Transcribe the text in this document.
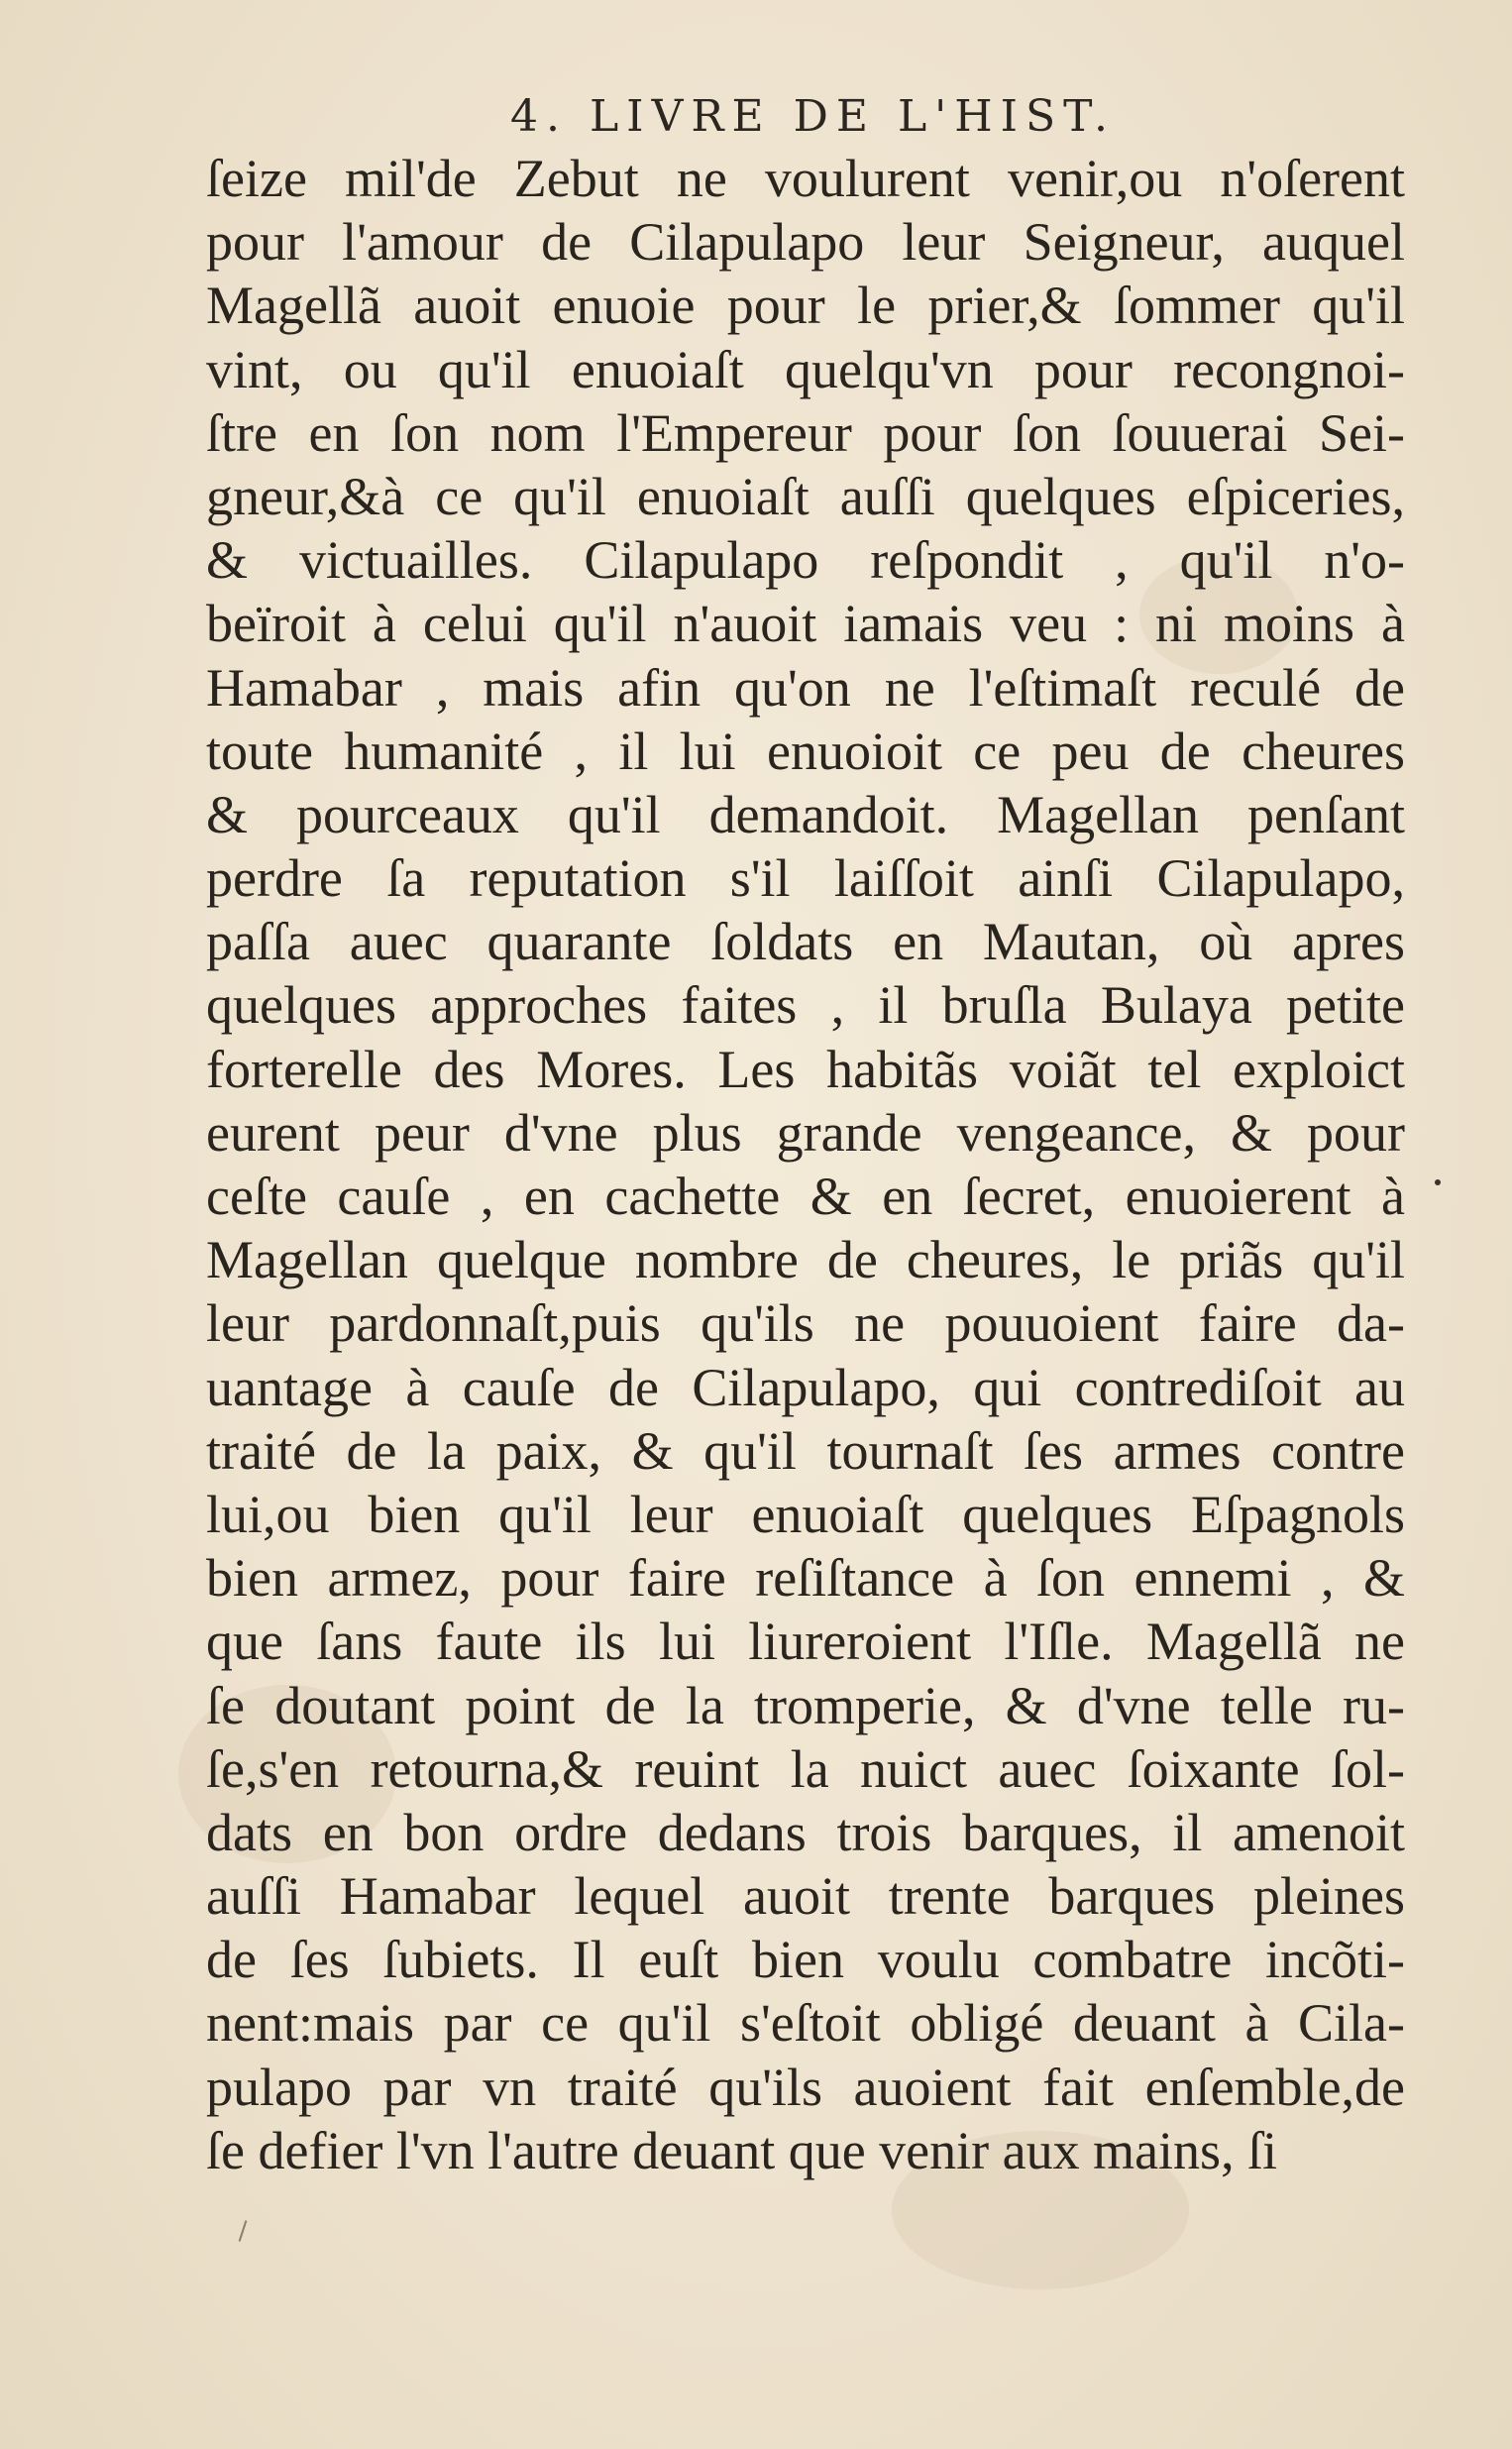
4. LIVRE DE L'HIST.
ſeize mil'de Zebut ne voulurent venir,ou n'oſerent
pour l'amour de Cilapulapo leur Seigneur, auquel
Magellã auoit enuoie pour le prier,& ſommer qu'il
vint, ou qu'il enuoiaſt quelqu'vn pour recongnoi-
ſtre en ſon nom l'Empereur pour ſon ſouuerai Sei-
gneur,&à ce qu'il enuoiaſt auſſi quelques eſpiceries,
& victuailles. Cilapulapo reſpondit , qu'il n'o-
beïroit à celui qu'il n'auoit iamais veu : ni moins à
Hamabar , mais afin qu'on ne l'eſtimaſt reculé de
toute humanité , il lui enuoioit ce peu de cheures
& pourceaux qu'il demandoit. Magellan penſant
perdre ſa reputation s'il laiſſoit ainſi Cilapulapo,
paſſa auec quarante ſoldats en Mautan, où apres
quelques approches faites , il bruſla Bulaya petite
forterelle des Mores. Les habitãs voiãt tel exploict
eurent peur d'vne plus grande vengeance, & pour
ceſte cauſe , en cachette & en ſecret, enuoierent à
Magellan quelque nombre de cheures, le priãs qu'il
leur pardonnaſt,puis qu'ils ne pouuoient faire da-
uantage à cauſe de Cilapulapo, qui contrediſoit au
traité de la paix, & qu'il tournaſt ſes armes contre
lui,ou bien qu'il leur enuoiaſt quelques Eſpagnols
bien armez, pour faire reſiſtance à ſon ennemi , &
que ſans faute ils lui liureroient l'Iſle. Magellã ne
ſe doutant point de la tromperie, & d'vne telle ru-
ſe,s'en retourna,& reuint la nuict auec ſoixante ſol-
dats en bon ordre dedans trois barques, il amenoit
auſſi Hamabar lequel auoit trente barques pleines
de ſes ſubiets. Il euſt bien voulu combatre incõti-
nent:mais par ce qu'il s'eſtoit obligé deuant à Cila-
pulapo par vn traité qu'ils auoient fait enſemble,de
ſe defier l'vn l'autre deuant que venir aux mains, ſi
